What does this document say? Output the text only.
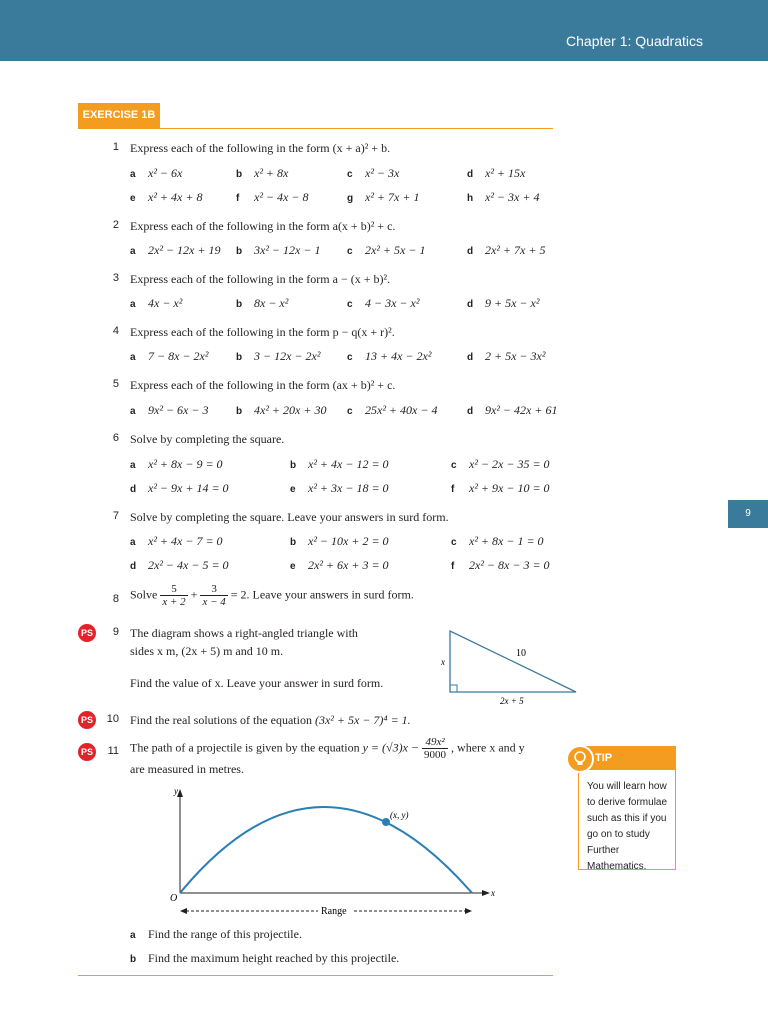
Chapter 1: Quadratics
EXERCISE 1B
9
1 Express each of the following in the form (x + a)² + b.
a x² − 6x	b x² + 8x	c x² − 3x	d x² + 15x
e x² + 4x + 8	f x² − 4x − 8	g x² + 7x + 1	h x² − 3x + 4
2 Express each of the following in the form a(x + b)² + c.
a 2x² − 12x + 19 b 3x² − 12x − 1	c 2x² + 5x − 1	d 2x² + 7x + 5
3 Express each of the following in the form a − (x + b)².
a 4x − x²	b 8x − x²	c 4 − 3x − x²	d 9 + 5x − x²
4 Express each of the following in the form p − q(x + r)².
a 7 − 8x − 2x²	b 3 − 12x − 2x²	c 13 + 4x − 2x²	d 2 + 5x − 3x²
5 Express each of the following in the form (ax + b)² + c.
a 9x² − 6x − 3	b 4x² + 20x + 30 c 25x² + 40x − 4	d 9x² − 42x + 61
6 Solve by completing the square.
a x² + 8x − 9 = 0	b x² + 4x − 12 = 0	c x² − 2x − 35 = 0
d x² − 9x + 14 = 0	e x² + 3x − 18 = 0	f x² + 9x − 10 = 0
7 Solve by completing the square. Leave your answers in surd form.
a x² + 4x − 7 = 0	b x² − 10x + 2 = 0	c x² + 8x − 1 = 0
d 2x² − 4x − 5 = 0	e 2x² + 6x + 3 = 0	f 2x² − 8x − 3 = 0
8 Solve $\frac{5}{x + 2} + \frac{3}{x - 4} = 2$. Leave your answers in surd form.
PS	9 The diagram shows a right-angled triangle with
sides x m, (2x + 5) m and 10 m.
Find the value of x. Leave your answer in surd form.
10
x
2x + 5
PS	10 Find the real solutions of the equation (3x² + 5x − 7)⁴ = 1.
PS	11 The path of a projectile is given by the equation $y = (√3)x - \frac{\text{49x²}}{9000}$ , where x and y
are measured in metres.
(x, y)
y
x
O
Range
a Find the range of this projectile.
b Find the maximum height reached by this projectile.
TIP
You will learn how to derive formulae such as this if you go on to study Further Mathematics.
